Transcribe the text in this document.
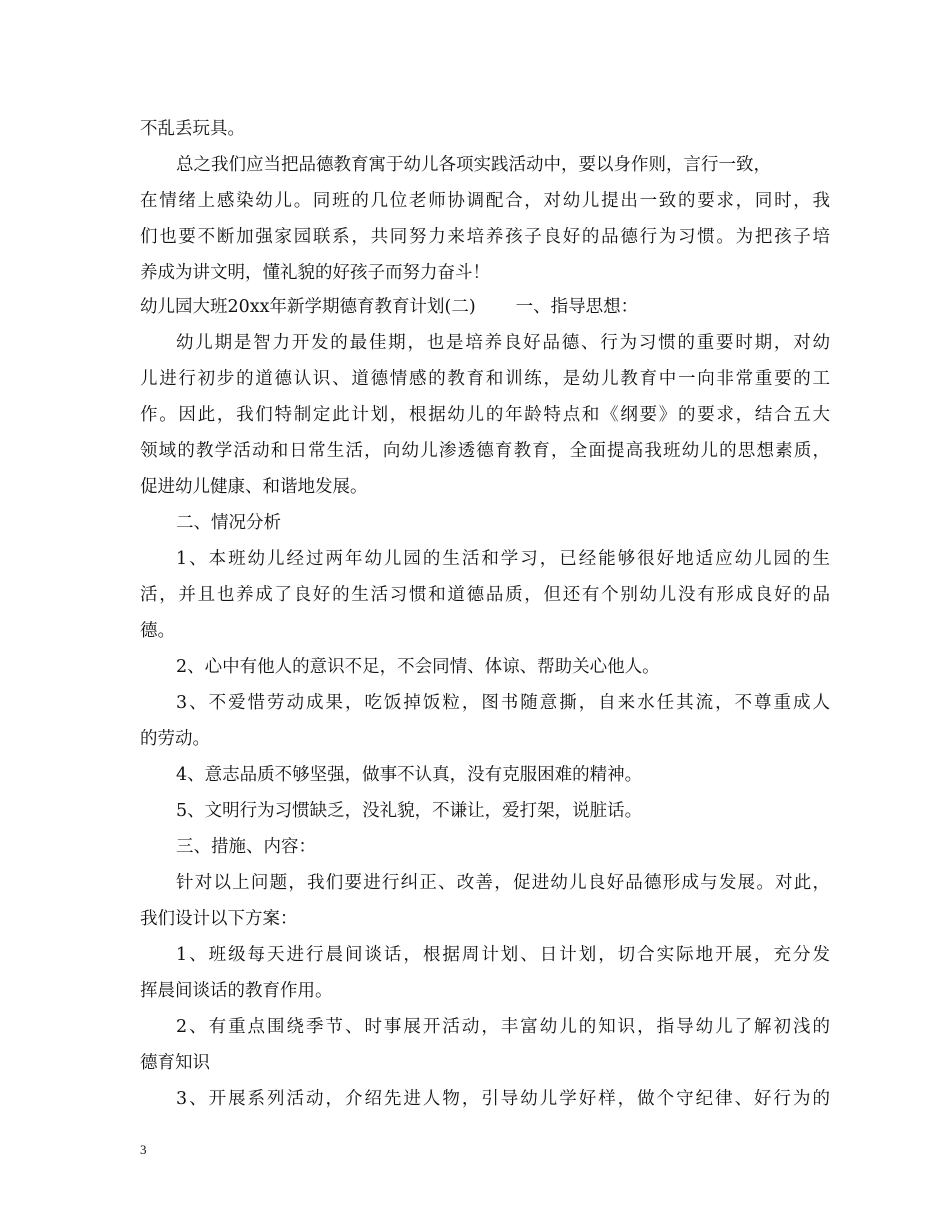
不乱丢玩具。
总之我们应当把品德教育寓于幼儿各项实践活动中，要以身作则，言行一致，
在情绪上感染幼儿。同班的几位老师协调配合，对幼儿提出一致的要求，同时，我
们也要不断加强家园联系，共同努力来培养孩子良好的品德行为习惯。为把孩子培
养成为讲文明，懂礼貌的好孩子而努力奋斗！
幼儿园大班20xx年新学期德育教育计划(二) 一、指导思想：
幼儿期是智力开发的最佳期，也是培养良好品德、行为习惯的重要时期，对幼
儿进行初步的道德认识、道德情感的教育和训练，是幼儿教育中一向非常重要的工
作。因此，我们特制定此计划，根据幼儿的年龄特点和《纲要》的要求，结合五大
领域的教学活动和日常生活，向幼儿渗透德育教育，全面提高我班幼儿的思想素质，
促进幼儿健康、和谐地发展。
二、情况分析
1、本班幼儿经过两年幼儿园的生活和学习，已经能够很好地适应幼儿园的生
活，并且也养成了良好的生活习惯和道德品质，但还有个别幼儿没有形成良好的品
德。
2、心中有他人的意识不足，不会同情、体谅、帮助关心他人。
3、不爱惜劳动成果，吃饭掉饭粒，图书随意撕，自来水任其流，不尊重成人
的劳动。
4、意志品质不够坚强，做事不认真，没有克服困难的精神。
5、文明行为习惯缺乏，没礼貌，不谦让，爱打架，说脏话。
三、措施、内容：
针对以上问题，我们要进行纠正、改善，促进幼儿良好品德形成与发展。对此，
我们设计以下方案：
1、班级每天进行晨间谈话，根据周计划、日计划，切合实际地开展，充分发
挥晨间谈话的教育作用。
2、有重点围绕季节、时事展开活动，丰富幼儿的知识，指导幼儿了解初浅的
德育知识
3、开展系列活动，介绍先进人物，引导幼儿学好样，做个守纪律、好行为的
3
